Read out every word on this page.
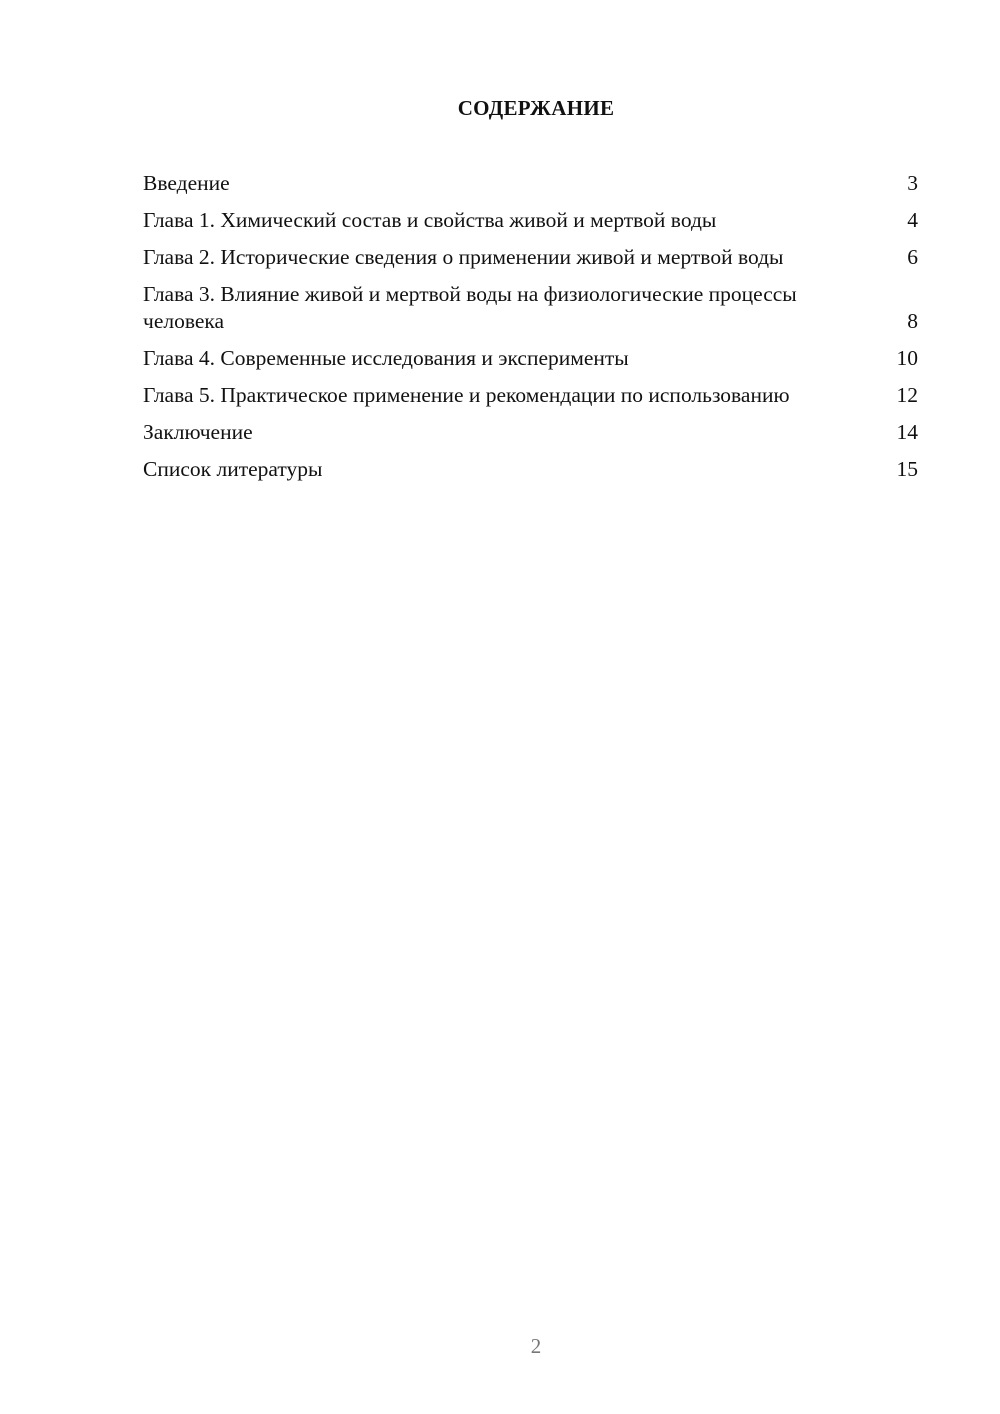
СОДЕРЖАНИЕ
Введение	3
Глава 1. Химический состав и свойства живой и мертвой воды	4
Глава 2. Исторические сведения о применении живой и мертвой воды	6
Глава 3. Влияние живой и мертвой воды на физиологические процессы человека	8
Глава 4. Современные исследования и эксперименты	10
Глава 5. Практическое применение и рекомендации по использованию	12
Заключение	14
Список литературы	15
2
